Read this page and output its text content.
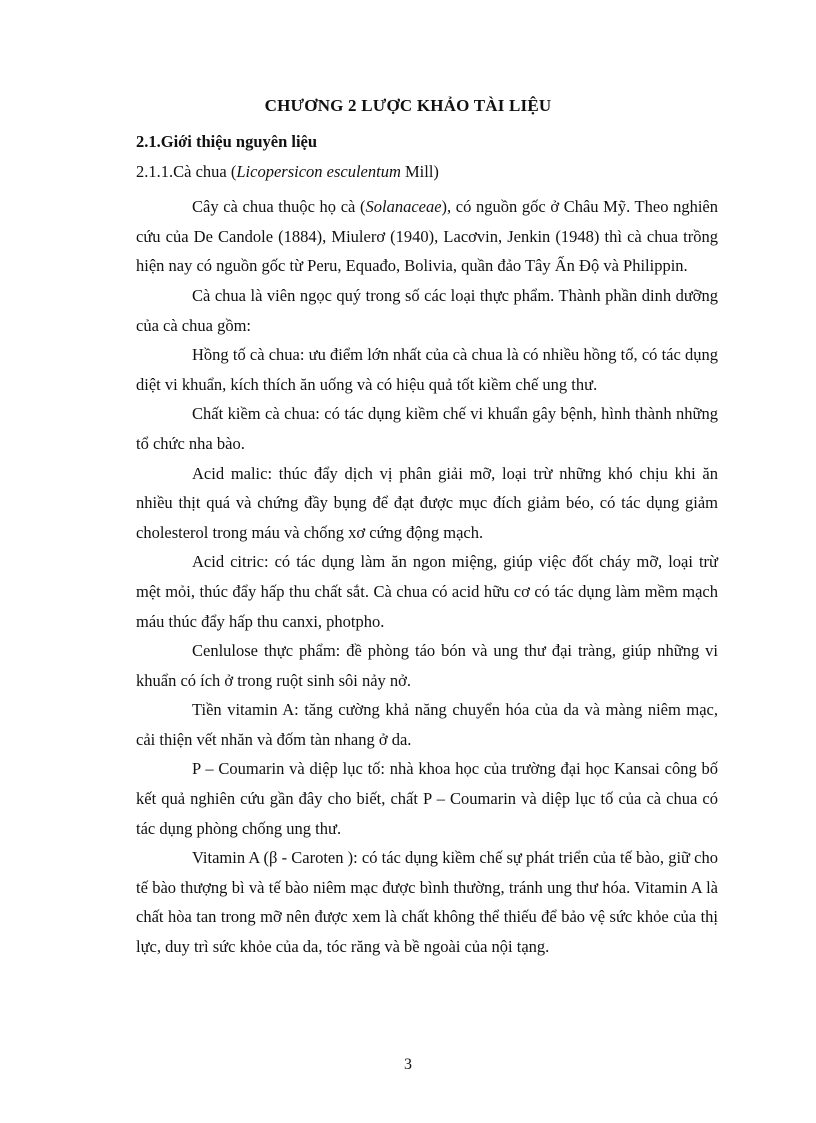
CHƯƠNG 2 LƯỢC KHẢO TÀI LIỆU

2.1.Giới thiệu nguyên liệu

2.1.1.Cà chua (Licopersicon esculentum Mill)

Cây cà chua thuộc họ cà (Solanaceae), có nguồn gốc ở Châu Mỹ. Theo nghiên cứu của De Candole (1884), Miulerơ (1940), Lacơvin, Jenkin (1948) thì cà chua trồng hiện nay có nguồn gốc từ Peru, Equađo, Bolivia, quần đảo Tây Ấn Độ và Philippin.

Cà chua là viên ngọc quý trong số các loại thực phẩm. Thành phần dinh dưỡng của cà chua gồm:

Hồng tố cà chua: ưu điểm lớn nhất của cà chua là có nhiều hồng tố, có tác dụng diệt vi khuẩn, kích thích ăn uống và có hiệu quả tốt kiềm chế ung thư.

Chất kiềm cà chua: có tác dụng kiềm chế vi khuẩn gây bệnh, hình thành những tổ chức nha bào.

Acid malic: thúc đẩy dịch vị phân giải mỡ, loại trừ những khó chịu khi ăn nhiều thịt quá và chứng đầy bụng để đạt được mục đích giảm béo, có tác dụng giảm cholesterol trong máu và chống xơ cứng động mạch.

Acid citric: có tác dụng làm ăn ngon miệng, giúp việc đốt cháy mỡ, loại trừ mệt mỏi, thúc đẩy hấp thu chất sắt. Cà chua có acid hữu cơ có tác dụng làm mềm mạch máu thúc đẩy hấp thu canxi, photpho.

Cenlulose thực phẩm: đề phòng táo bón và ung thư đại tràng, giúp những vi khuẩn có ích ở trong ruột sinh sôi nảy nở.

Tiền vitamin A: tăng cường khả năng chuyển hóa của da và màng niêm mạc, cải thiện vết nhăn và đốm tàn nhang ở da.

P – Coumarin và diệp lục tố: nhà khoa học của trường đại học Kansai công bố kết quả nghiên cứu gần đây cho biết, chất P – Coumarin và diệp lục tố của cà chua có tác dụng phòng chống ung thư.

Vitamin A (β - Caroten ): có tác dụng kiềm chế sự phát triển của tế bào, giữ cho tế bào thượng bì và tế bào niêm mạc được bình thường, tránh ung thư hóa. Vitamin A là chất hòa tan trong mỡ nên được xem là chất không thể thiếu để bảo vệ sức khỏe của thị lực, duy trì sức khỏe của da, tóc răng và bề ngoài của nội tạng.

3
